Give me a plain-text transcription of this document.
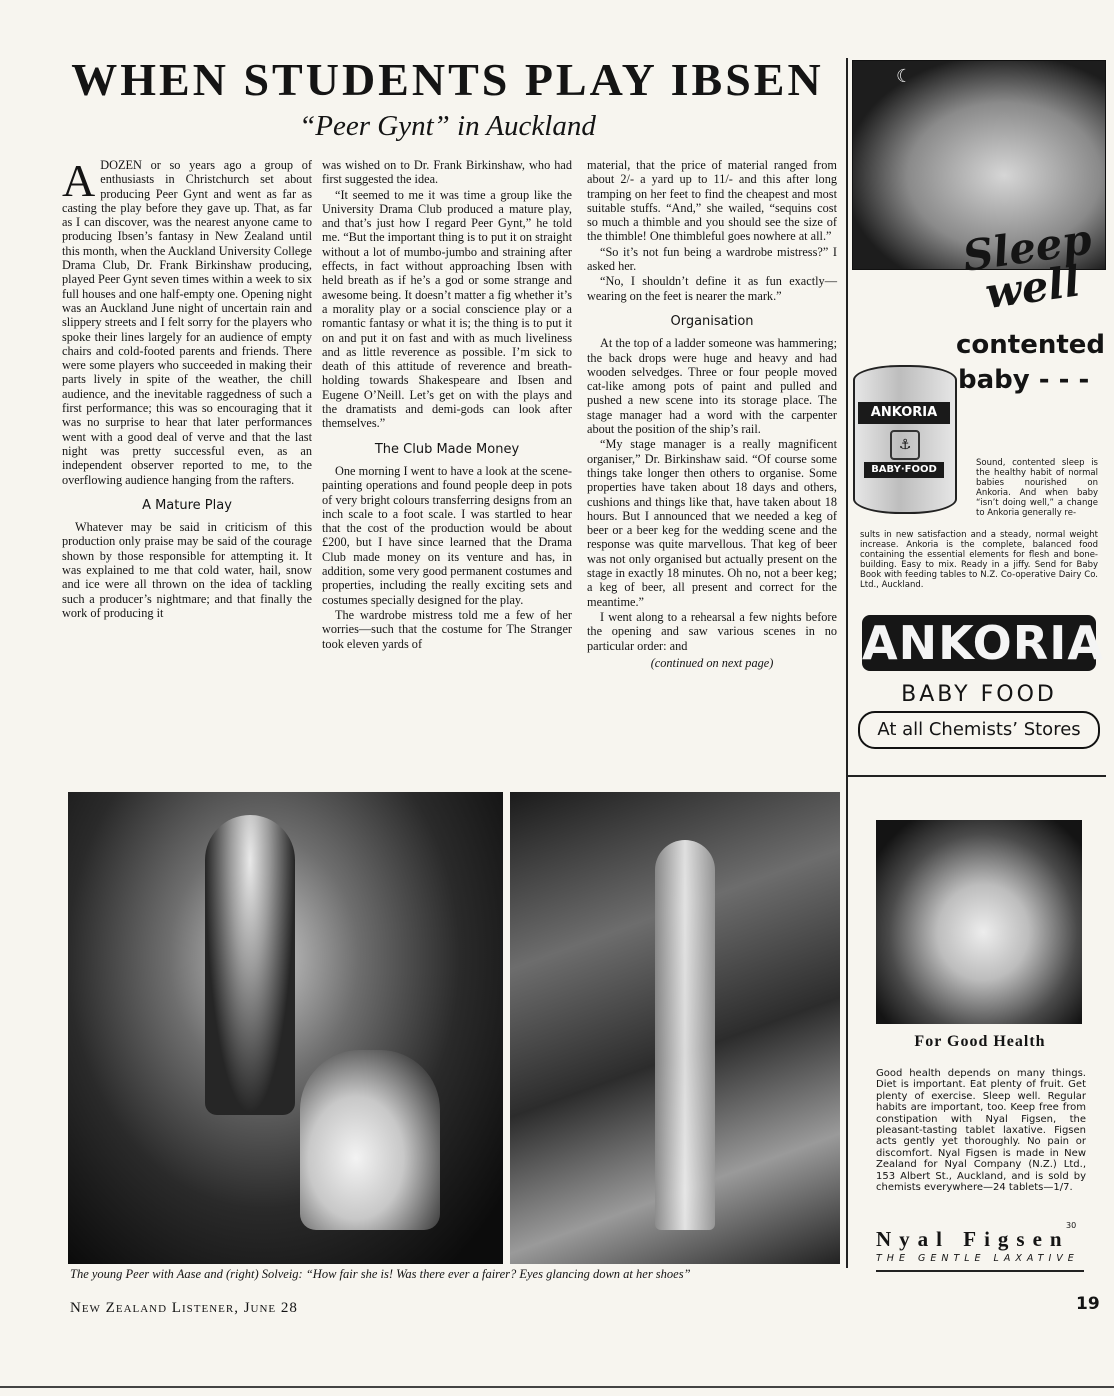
WHEN STUDENTS PLAY IBSEN
“Peer Gynt” in Auckland
A DOZEN or so years ago a group of enthusiasts in Christchurch set about producing Peer Gynt and went as far as casting the play before they gave up. That, as far as I can discover, was the nearest anyone came to producing Ibsen’s fantasy in New Zealand until this month, when the Auckland University College Drama Club, Dr. Frank Birkinshaw producing, played Peer Gynt seven times within a week to six full houses and one half-empty one. Opening night was an Auckland June night of uncertain rain and slippery streets and I felt sorry for the players who spoke their lines largely for an audience of empty chairs and cold-footed parents and friends. There were some players who succeeded in making their parts lively in spite of the weather, the chill audience, and the inevitable raggedness of such a first performance; this was so encouraging that it was no surprise to hear that later performances went with a good deal of verve and that the last night was pretty successful even, as an independent observer reported to me, to the overflowing audience hanging from the rafters.

A Mature Play

Whatever may be said in criticism of this production only praise may be said of the courage shown by those responsible for attempting it. It was explained to me that cold water, hail, snow and ice were all thrown on the idea of tackling such a producer’s nightmare; and that finally the work of producing it

was wished on to Dr. Frank Birkinshaw, who had first suggested the idea.

“It seemed to me it was time a group like the University Drama Club produced a mature play, and that’s just how I regard Peer Gynt,” he told me. “But the important thing is to put it on straight without a lot of mumbo-jumbo and straining after effects, in fact without approaching Ibsen with held breath as if he’s a god or some strange and awesome being. It doesn’t matter a fig whether it’s a morality play or a social conscience play or a romantic fantasy or what it is; the thing is to put it on and put it on fast and with as much liveliness and as little reverence as possible. I’m sick to death of this attitude of reverence and breath-holding towards Shakespeare and Ibsen and Eugene O’Neill. Let’s get on with the plays and the dramatists and demi-gods can look after themselves.”

The Club Made Money

One morning I went to have a look at the scene-painting operations and found people deep in pots of very bright colours transferring designs from an inch scale to a foot scale. I was startled to hear that the cost of the production would be about £200, but I have since learned that the Drama Club made money on its venture and has, in addition, some very good permanent costumes and properties, including the really exciting sets and costumes specially designed for the play.

The wardrobe mistress told me a few of her worries—such that the costume for The Stranger took eleven yards of

material, that the price of material ranged from about 2/- a yard up to 11/- and this after long tramping on her feet to find the cheapest and most suitable stuffs. “And,” she wailed, “sequins cost so much a thimble and you should see the size of the thimble! One thimbleful goes nowhere at all.”

“So it’s not fun being a wardrobe mistress?” I asked her.

“No, I shouldn’t define it as fun exactly—wearing on the feet is nearer the mark.”

Organisation

At the top of a ladder someone was hammering; the back drops were huge and heavy and had wooden selvedges. Three or four people moved cat-like among pots of paint and pulled and pushed a new scene into its storage place. The stage manager had a word with the carpenter about the position of the ship’s rail.

“My stage manager is a really magnificent organiser,” Dr. Birkinshaw said. “Of course some things take longer then others to organise. Some properties have taken about 18 days and others, cushions and things like that, have taken about 18 hours. But I announced that we needed a keg of beer or a beer keg for the wedding scene and the response was quite marvellous. That keg of beer was not only organised but actually present on the stage in exactly 18 minutes. Oh no, not a beer keg; a keg of beer, all present and correct for the meantime.”

I went along to a rehearsal a few nights before the opening and saw various scenes in no particular order: and

(continued on next page)
☾
Sleep well
contented
baby - - -
ANKORIA
⚓
BABY·FOOD
Sound, contented sleep is the healthy habit of normal babies nourished on Ankoria. And when baby “isn’t doing well,” a change to Ankoria generally re-
sults in new satisfaction and a steady, normal weight increase. Ankoria is the complete, balanced food containing the essential elements for flesh and bone-building. Easy to mix. Ready in a jiffy. Send for Baby Book with feeding tables to N.Z. Co-operative Dairy Co. Ltd., Auckland.
ANKORIA
BABY FOOD
At all Chemists’ Stores
The young Peer with Aase and (right) Solveig: “How fair she is! Was there ever a fairer? Eyes glancing down at her shoes”
For Good Health
Good health depends on many things. Diet is important. Eat plenty of fruit. Get plenty of exercise. Sleep well. Regular habits are important, too. Keep free from constipation with Nyal Figsen, the pleasant-tasting tablet laxative. Figsen acts gently yet thoroughly. No pain or discomfort. Nyal Figsen is made in New Zealand for Nyal Company (N.Z.) Ltd., 153 Albert St., Auckland, and is sold by chemists everywhere—24 tablets—1/7.
30
Nyal Figsen
THE GENTLE LAXATIVE
New Zealand Listener, June 28	19
